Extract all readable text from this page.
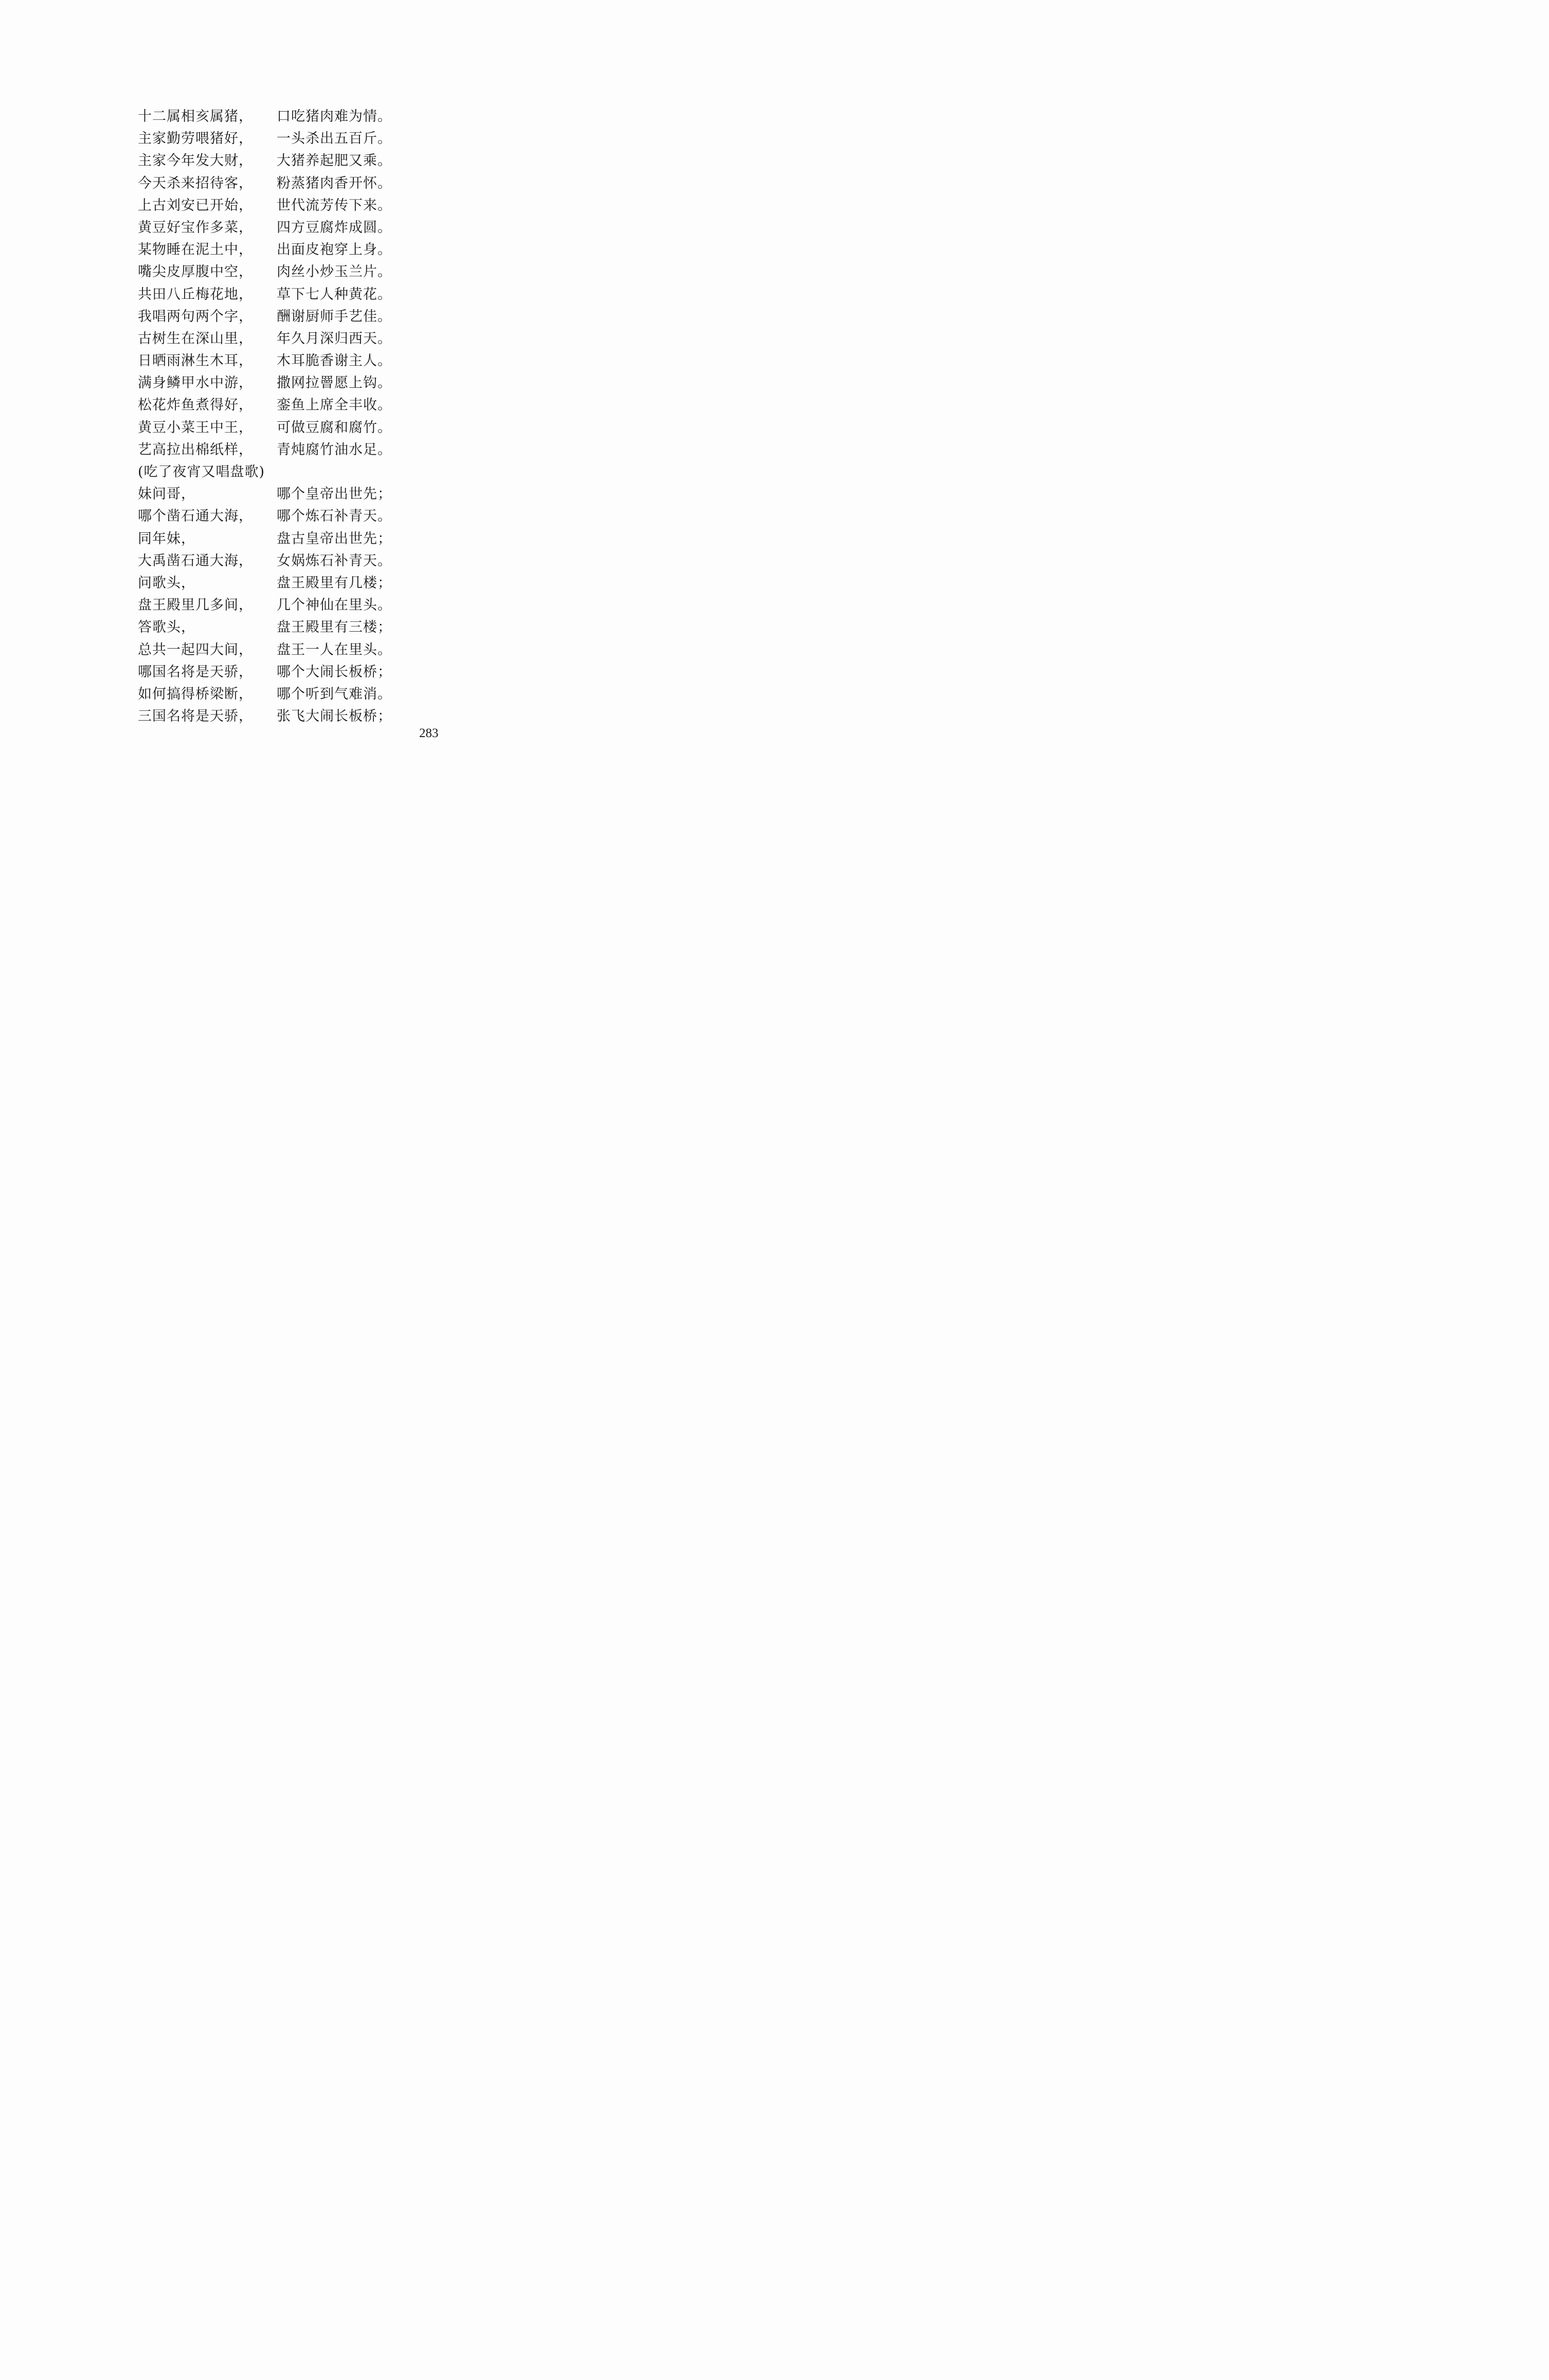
十二属相亥属猪， 口吃猪肉难为情。
主家勤劳喂猪好， 一头杀出五百斤。
主家今年发大财， 大猪养起肥又乘。
今天杀来招待客， 粉蒸猪肉香开怀。
上古刘安已开始， 世代流芳传下来。
黄豆好宝作多菜， 四方豆腐炸成圆。
某物睡在泥土中， 出面皮袍穿上身。
嘴尖皮厚腹中空， 肉丝小炒玉兰片。
共田八丘梅花地， 草下七人种黄花。
我唱两句两个字， 酬谢厨师手艺佳。
古树生在深山里， 年久月深归西天。
日晒雨淋生木耳， 木耳脆香谢主人。
满身鳞甲水中游， 撒网拉罾愿上钩。
松花炸鱼煮得好， 銮鱼上席全丰收。
黄豆小菜王中王， 可做豆腐和腐竹。
艺高拉出棉纸样， 青炖腐竹油水足。
(吃了夜宵又唱盘歌)
妹问哥，	哪个皇帝出世先；
哪个凿石通大海， 哪个炼石补青天。
同年妹，	盘古皇帝出世先；
大禹凿石通大海， 女娲炼石补青天。
问歌头，	盘王殿里有几楼；
盘王殿里几多间， 几个神仙在里头。
答歌头，	盘王殿里有三楼；
总共一起四大间， 盘王一人在里头。
哪国名将是天骄， 哪个大闹长板桥；
如何搞得桥梁断， 哪个听到气难消。
三国名将是天骄， 张飞大闹长板桥；
283
